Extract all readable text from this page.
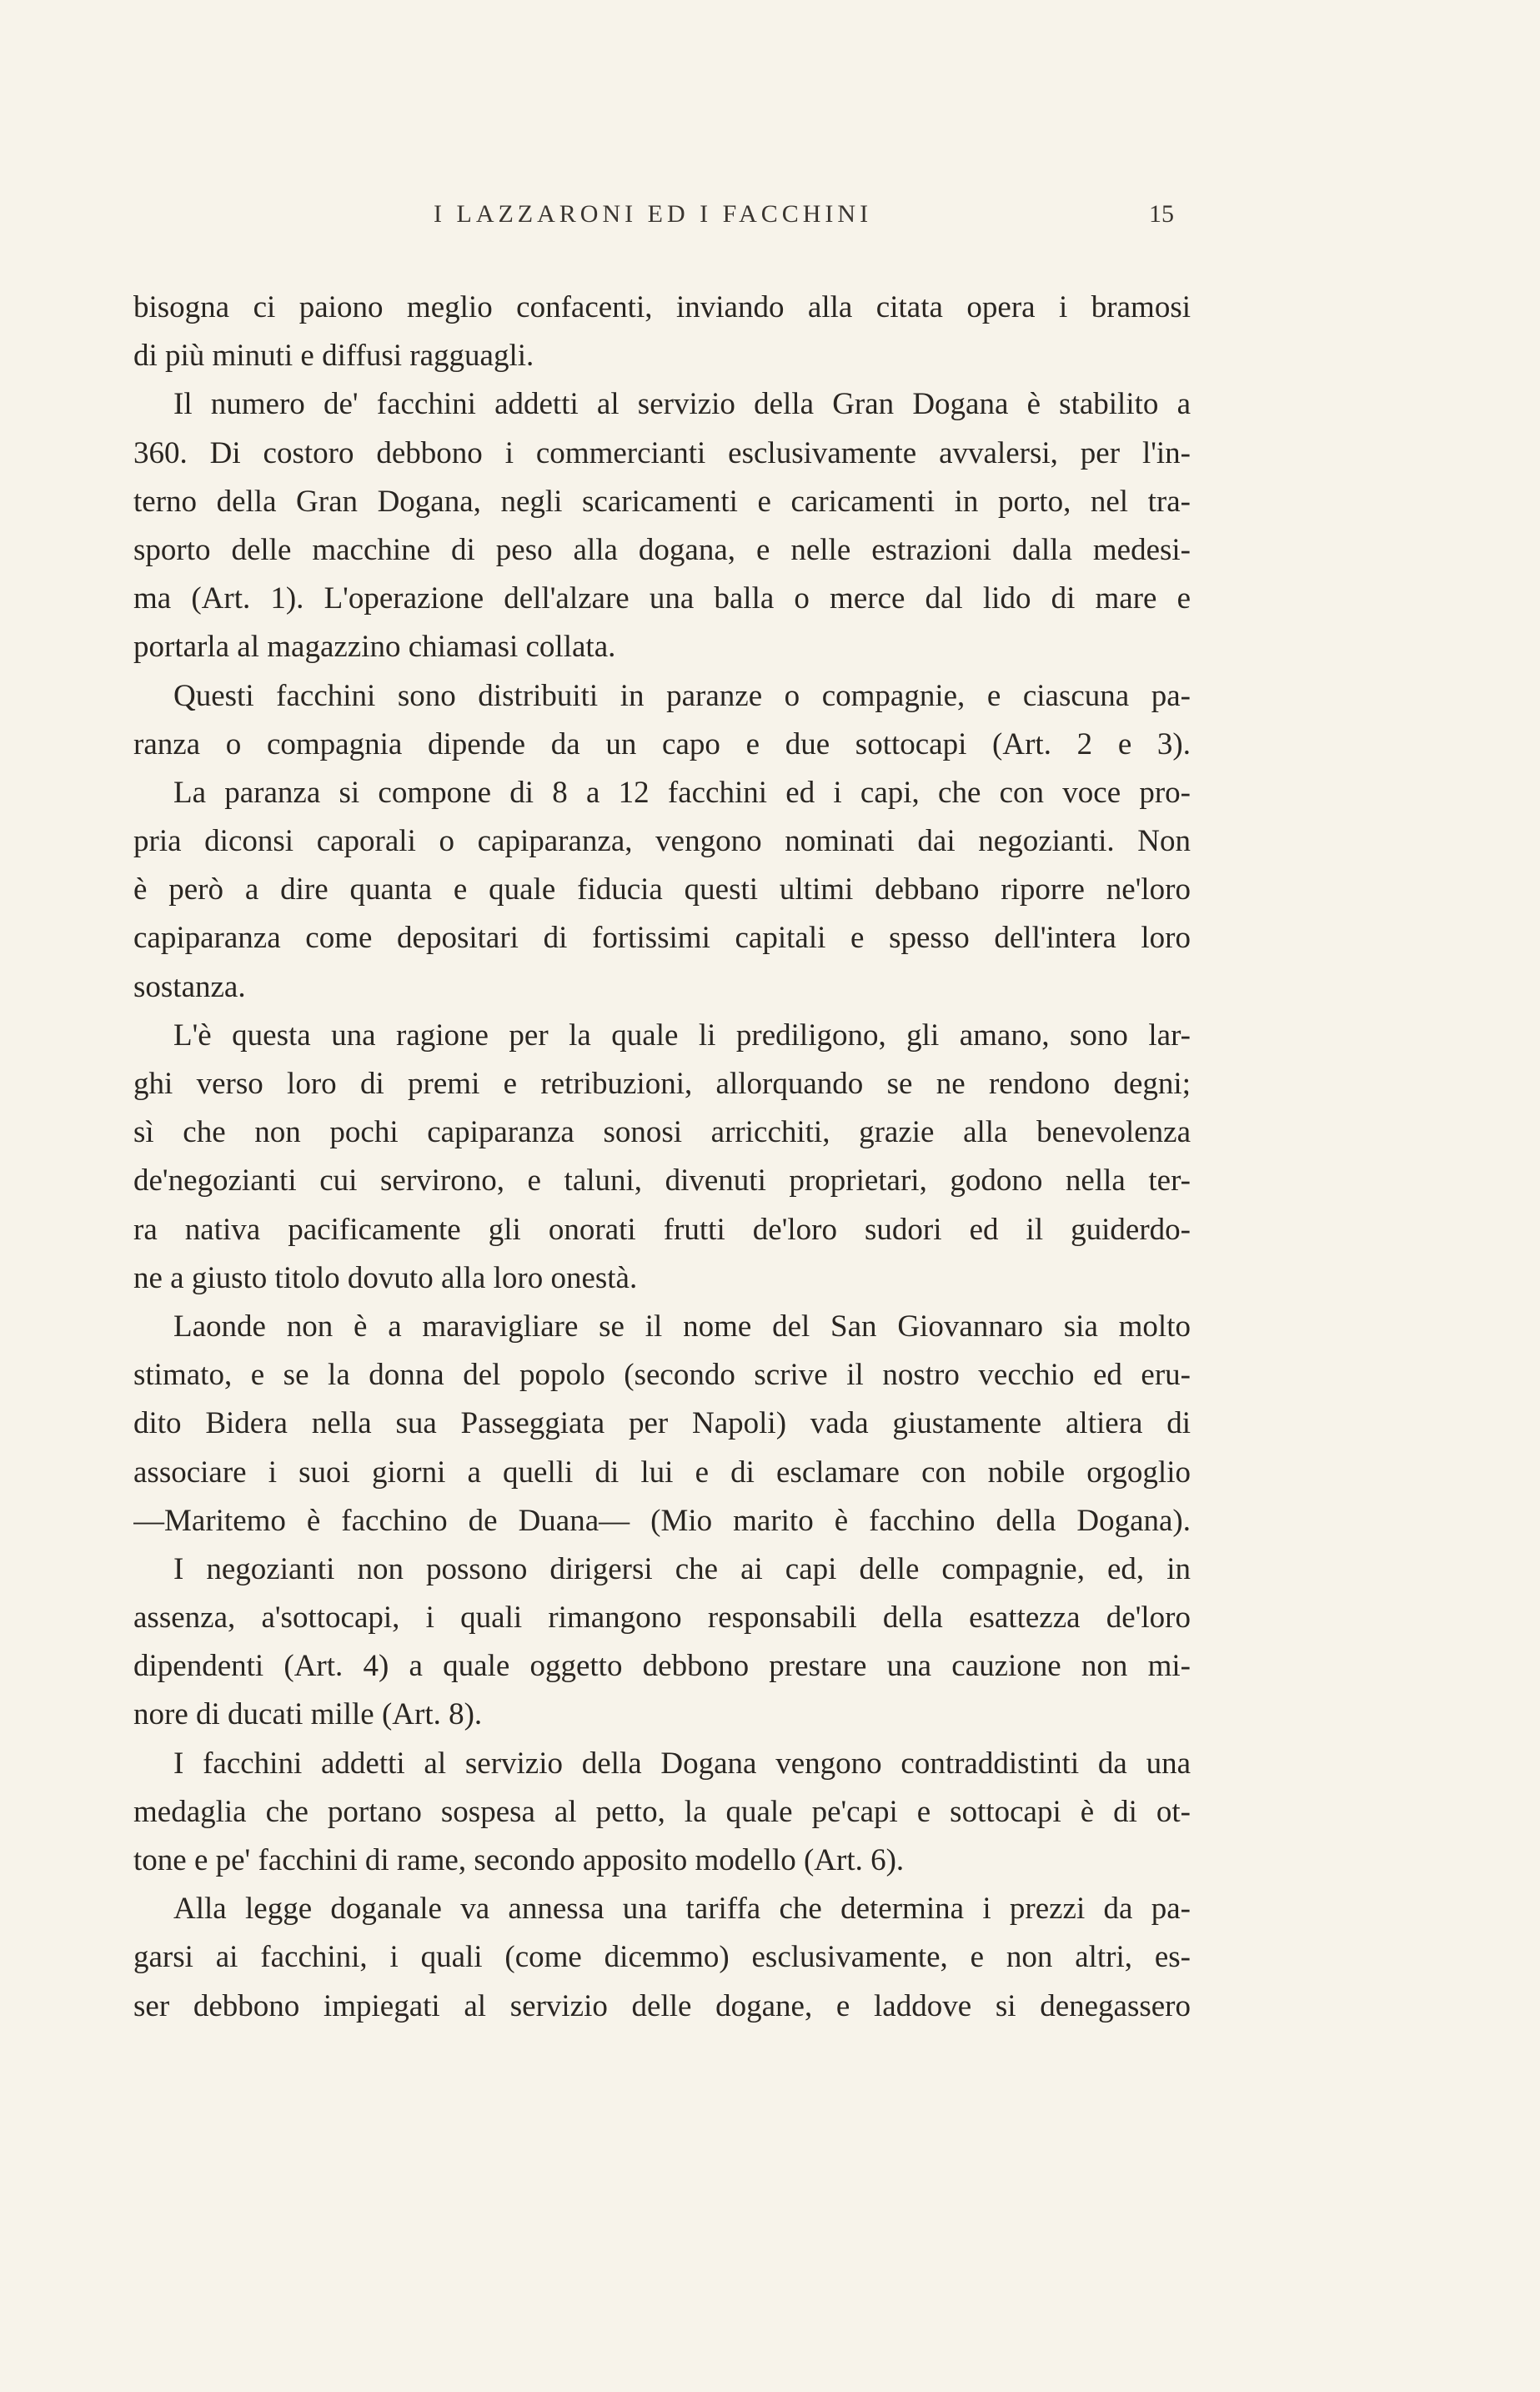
I LAZZARONI ED I FACCHINI	15
bisogna ci paiono meglio confacenti, inviando alla citata opera i bramosi
di più minuti e diffusi ragguagli.
Il numero de' facchini addetti al servizio della Gran Dogana è stabilito a
360. Di costoro debbono i commercianti esclusivamente avvalersi, per l'in-
terno della Gran Dogana, negli scaricamenti e caricamenti in porto, nel tra-
sporto delle macchine di peso alla dogana, e nelle estrazioni dalla medesi-
ma (Art. 1). L'operazione dell'alzare una balla o merce dal lido di mare e
portarla al magazzino chiamasi collata.
Questi facchini sono distribuiti in paranze o compagnie, e ciascuna pa-
ranza o compagnia dipende da un capo e due sottocapi (Art. 2 e 3).
La paranza si compone di 8 a 12 facchini ed i capi, che con voce pro-
pria diconsi caporali o capiparanza, vengono nominati dai negozianti. Non
è però a dire quanta e quale fiducia questi ultimi debbano riporre ne'loro
capiparanza come depositari di fortissimi capitali e spesso dell'intera loro
sostanza.
L'è questa una ragione per la quale li prediligono, gli amano, sono lar-
ghi verso loro di premi e retribuzioni, allorquando se ne rendono degni;
sì che non pochi capiparanza sonosi arricchiti, grazie alla benevolenza
de'negozianti cui servirono, e taluni, divenuti proprietari, godono nella ter-
ra nativa pacificamente gli onorati frutti de'loro sudori ed il guiderdo-
ne a giusto titolo dovuto alla loro onestà.
Laonde non è a maravigliare se il nome del San Giovannaro sia molto
stimato, e se la donna del popolo (secondo scrive il nostro vecchio ed eru-
dito Bidera nella sua Passeggiata per Napoli) vada giustamente altiera di
associare i suoi giorni a quelli di lui e di esclamare con nobile orgoglio
—Maritemo è facchino de Duana— (Mio marito è facchino della Dogana).
I negozianti non possono dirigersi che ai capi delle compagnie, ed, in
assenza, a'sottocapi, i quali rimangono responsabili della esattezza de'loro
dipendenti (Art. 4) a quale oggetto debbono prestare una cauzione non mi-
nore di ducati mille (Art. 8).
I facchini addetti al servizio della Dogana vengono contraddistinti da una
medaglia che portano sospesa al petto, la quale pe'capi e sottocapi è di ot-
tone e pe' facchini di rame, secondo apposito modello (Art. 6).
Alla legge doganale va annessa una tariffa che determina i prezzi da pa-
garsi ai facchini, i quali (come dicemmo) esclusivamente, e non altri, es-
ser debbono impiegati al servizio delle dogane, e laddove si denegassero
